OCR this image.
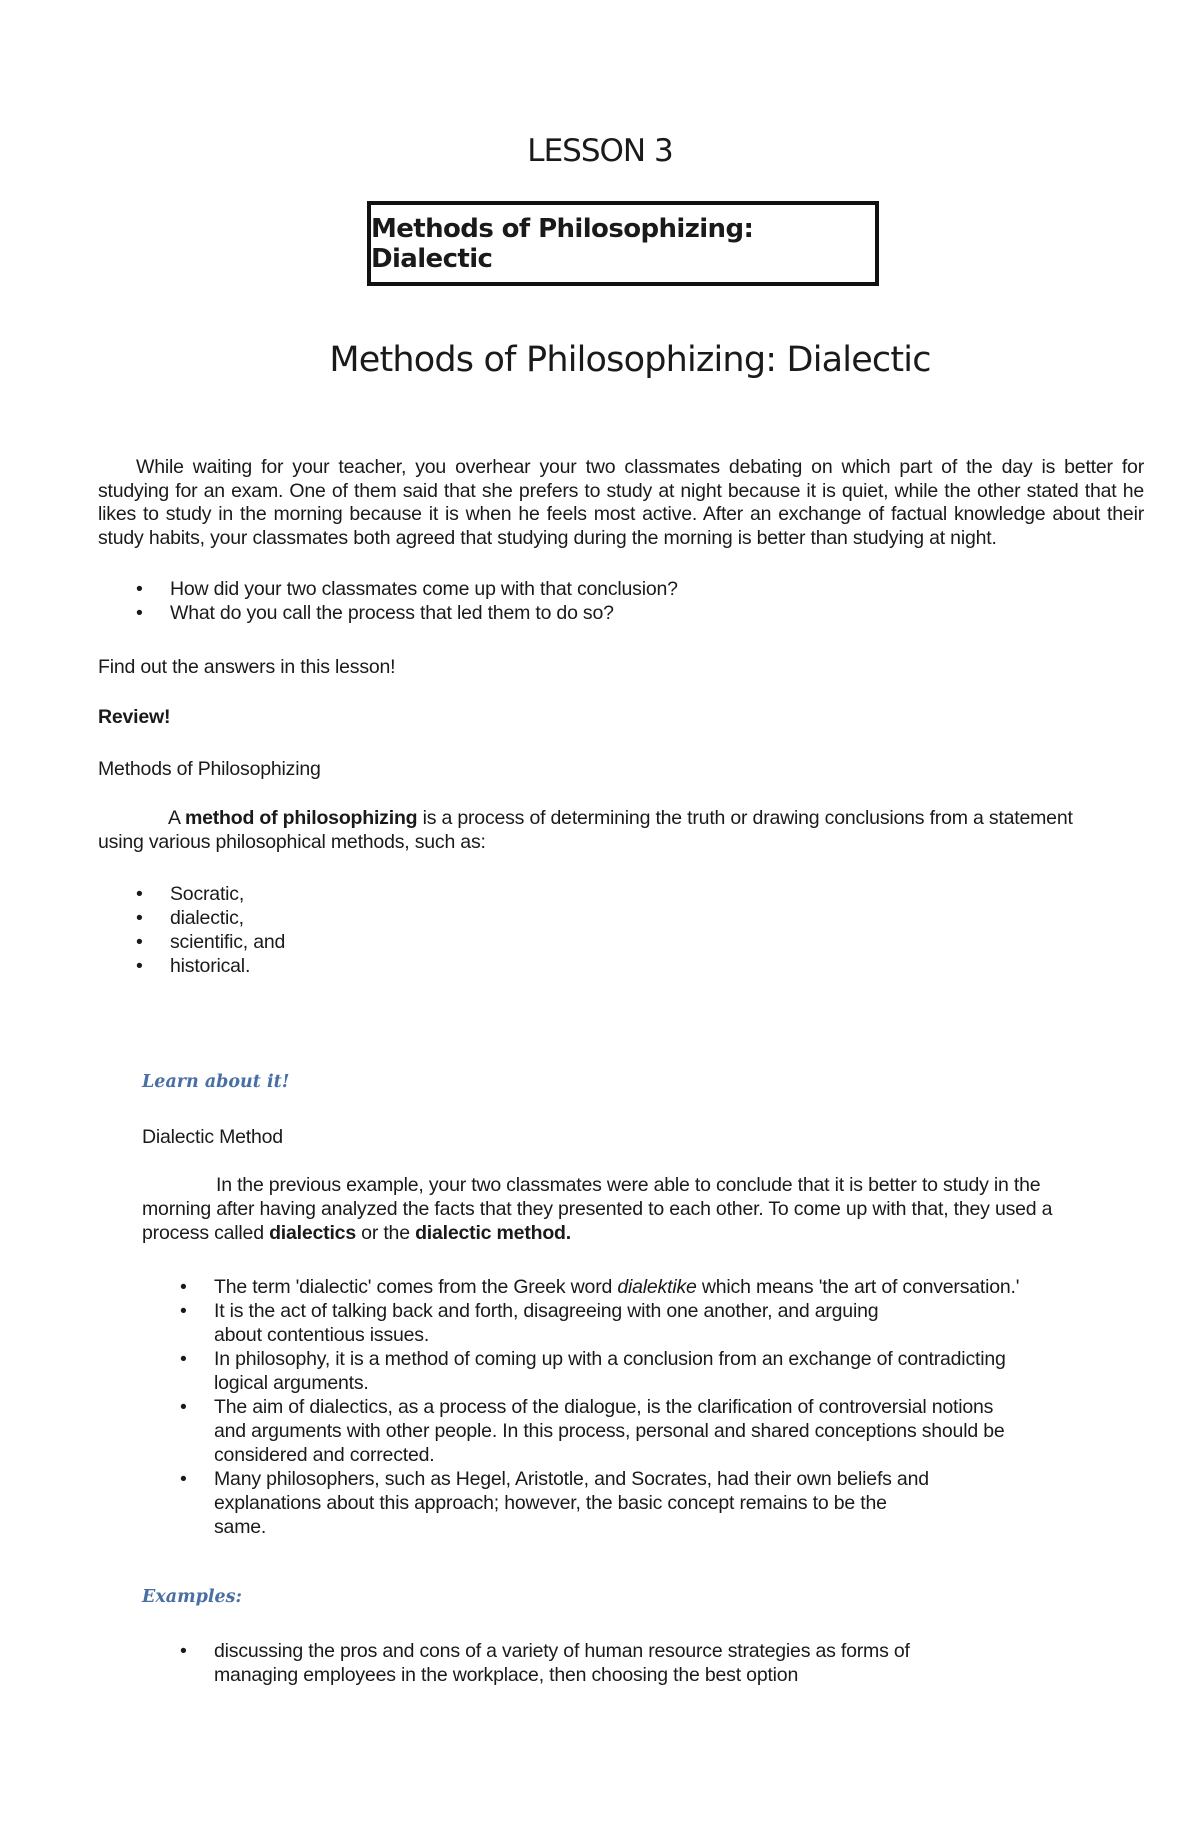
LESSON 3
Methods of Philosophizing: Dialectic
Methods of Philosophizing: Dialectic
While waiting for your teacher, you overhear your two classmates debating on which part of the day is better for studying for an exam. One of them said that she prefers to study at night because it is quiet, while the other stated that he likes to study in the morning because it is when he feels most active. After an exchange of factual knowledge about their study habits, your classmates both agreed that studying during the morning is better than studying at night.
• How did your two classmates come up with that conclusion?
• What do you call the process that led them to do so?
Find out the answers in this lesson!
Review!
Methods of Philosophizing
A method of philosophizing is a process of determining the truth or drawing conclusions from a statement using various philosophical methods, such as:
• Socratic,
• dialectic,
• scientific, and
• historical.
Learn about it!
Dialectic Method
In the previous example, your two classmates were able to conclude that it is better to study in the morning after having analyzed the facts that they presented to each other. To come up with that, they used a process called dialectics or the dialectic method.
• The term 'dialectic' comes from the Greek word dialektike which means 'the art of conversation.'
• It is the act of talking back and forth, disagreeing with one another, and arguing
about contentious issues.
• In philosophy, it is a method of coming up with a conclusion from an exchange of contradicting
logical arguments.
• The aim of dialectics, as a process of the dialogue, is the clarification of controversial notions
and arguments with other people. In this process, personal and shared conceptions should be
considered and corrected.
• Many philosophers, such as Hegel, Aristotle, and Socrates, had their own beliefs and
explanations about this approach; however, the basic concept remains to be the
same.
Examples:
• discussing the pros and cons of a variety of human resource strategies as forms of
managing employees in the workplace, then choosing the best option
